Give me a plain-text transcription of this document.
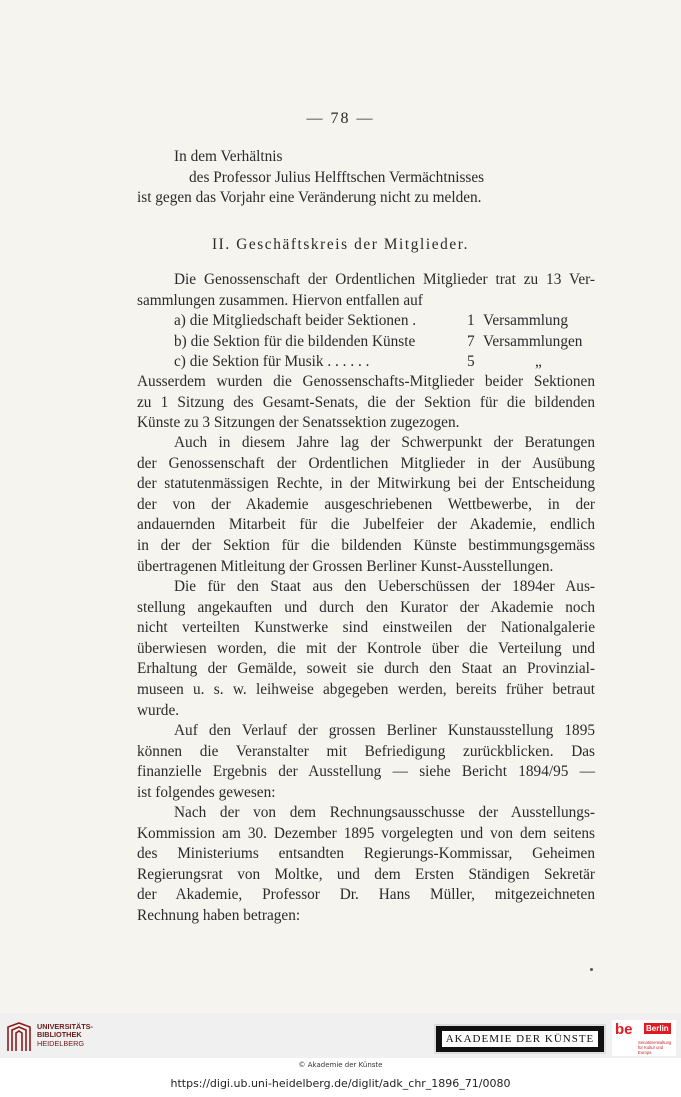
— 78 —
In dem Verhältnis
des Professor Julius Helfftschen Vermächtnisses
ist gegen das Vorjahr eine Veränderung nicht zu melden.
II. Geschäftskreis der Mitglieder.
Die Genossenschaft der Ordentlichen Mitglieder trat zu 13 Ver-
sammlungen zusammen. Hiervon entfallen auf
a) die Mitgliedschaft beider Sektionen .	1 Versammlung
b) die Sektion für die bildenden Künste	7 Versammlungen
c) die Sektion für Musik . . . . . .	5	„
Ausserdem wurden die Genossenschafts-Mitglieder beider Sektionen
zu 1 Sitzung des Gesamt-Senats, die der Sektion für die bildenden
Künste zu 3 Sitzungen der Senatssektion zugezogen.
Auch in diesem Jahre lag der Schwerpunkt der Beratungen
der Genossenschaft der Ordentlichen Mitglieder in der Ausübung
der statutenmässigen Rechte, in der Mitwirkung bei der Entscheidung
der von der Akademie ausgeschriebenen Wettbewerbe, in der
andauernden Mitarbeit für die Jubelfeier der Akademie, endlich
in der der Sektion für die bildenden Künste bestimmungsgemäss
übertragenen Mitleitung der Grossen Berliner Kunst-Ausstellungen.
Die für den Staat aus den Ueberschüssen der 1894er Aus-
stellung angekauften und durch den Kurator der Akademie noch
nicht verteilten Kunstwerke sind einstweilen der Nationalgalerie
überwiesen worden, die mit der Kontrole über die Verteilung und
Erhaltung der Gemälde, soweit sie durch den Staat an Provinzial-
museen u. s. w. leihweise abgegeben werden, bereits früher betraut
wurde.
Auf den Verlauf der grossen Berliner Kunstausstellung 1895
können die Veranstalter mit Befriedigung zurückblicken. Das
finanzielle Ergebnis der Ausstellung — siehe Bericht 1894/95 —
ist folgendes gewesen:
Nach der von dem Rechnungsausschusse der Ausstellungs-
Kommission am 30. Dezember 1895 vorgelegten und von dem seitens
des Ministeriums entsandten Regierungs-Kommissar, Geheimen
Regierungsrat von Moltke, und dem Ersten Ständigen Sekretär
der Akademie, Professor Dr. Hans Müller, mitgezeichneten
Rechnung haben betragen:
UNIVERSITÄTS-
BIBLIOTHEK
HEIDELBERG	AKADEMIE DER KÜNSTE
be Berlin
Senatsverwaltung für Kultur und Europa
© Akademie der Künste
https://digi.ub.uni-heidelberg.de/diglit/adk_chr_1896_71/0080
